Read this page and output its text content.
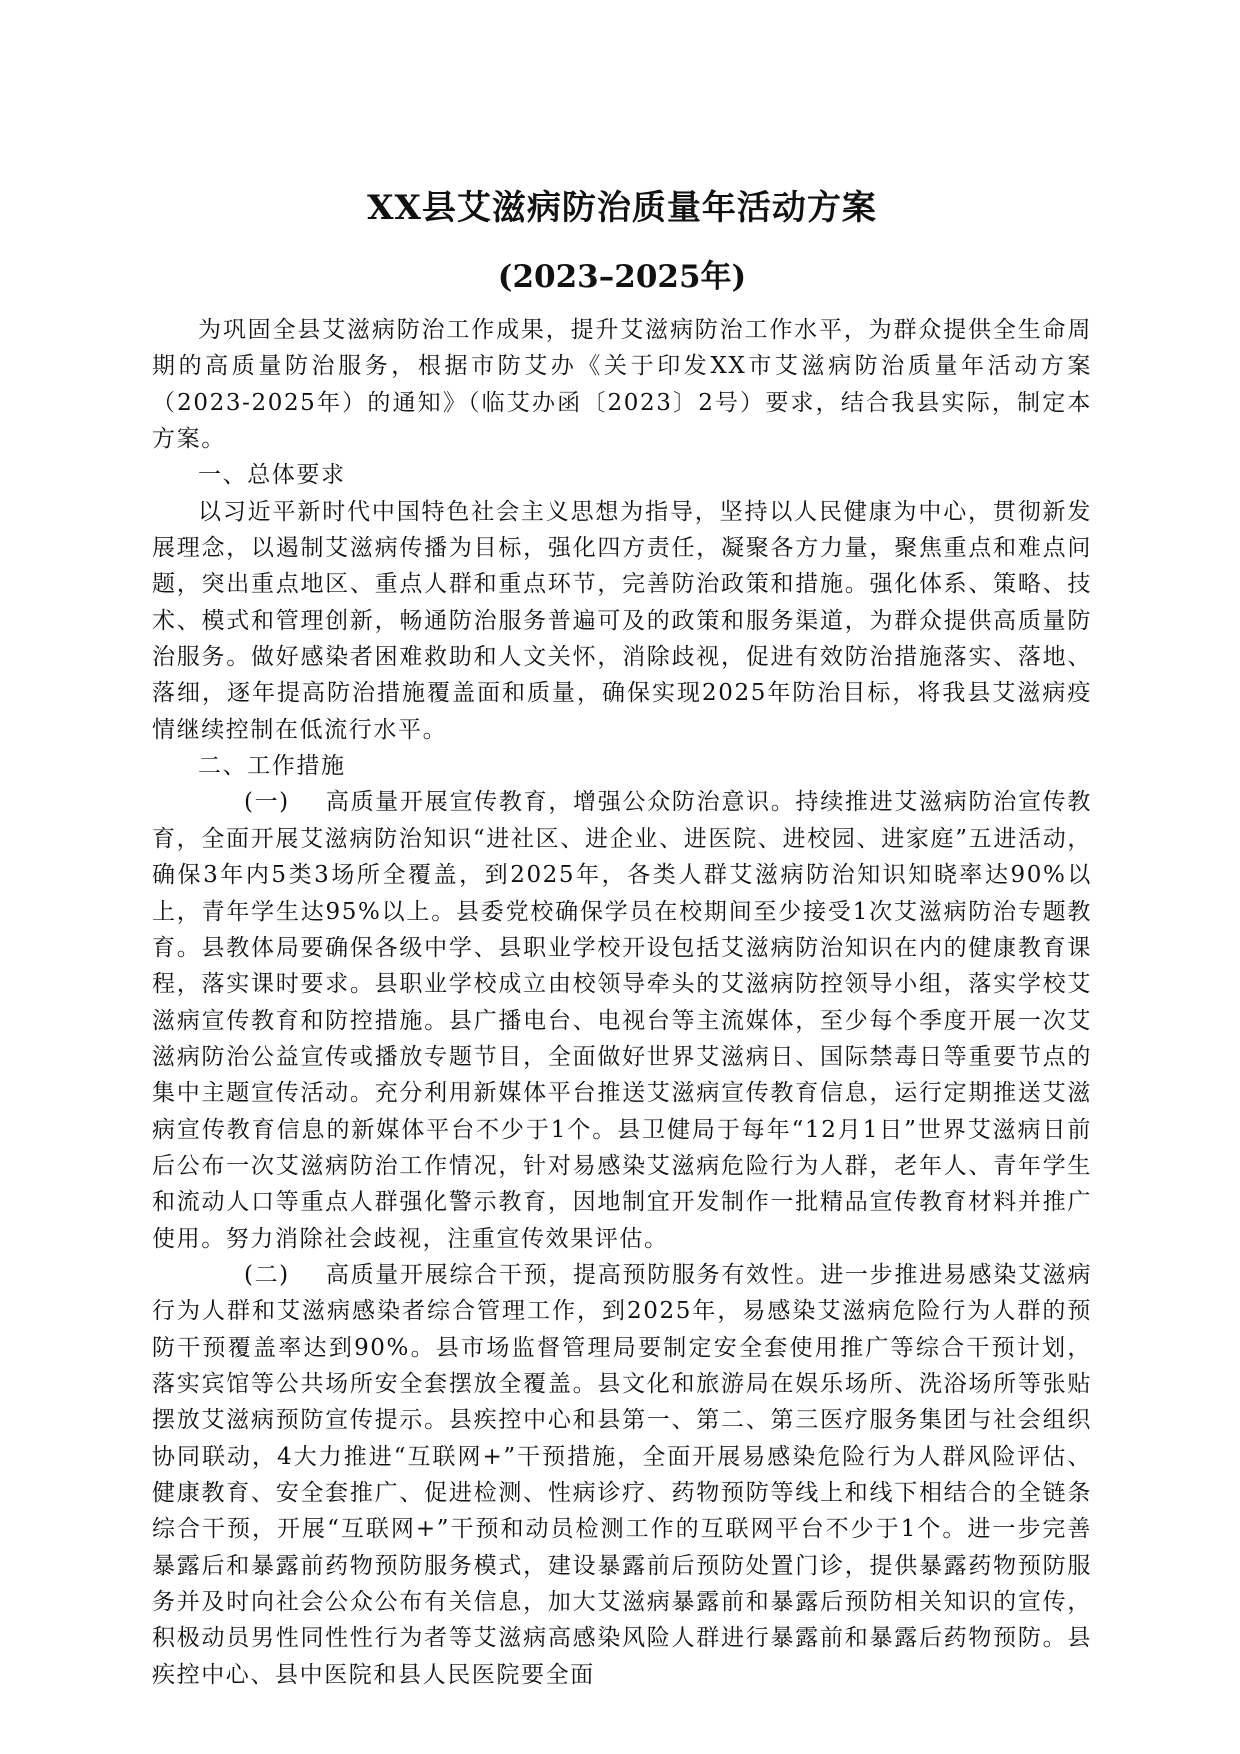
XX县艾滋病防治质量年活动方案
(2023–2025年)

为巩固全县艾滋病防治工作成果，提升艾滋病防治工作水平，为群众提供全生命周期的高质量防治服务，根据市防艾办《关于印发XX市艾滋病防治质量年活动方案（2023-2025年）的通知》（临艾办函〔2023〕2号）要求，结合我县实际，制定本方案。

一、总体要求

以习近平新时代中国特色社会主义思想为指导，坚持以人民健康为中心，贯彻新发展理念，以遏制艾滋病传播为目标，强化四方责任，凝聚各方力量，聚焦重点和难点问题，突出重点地区、重点人群和重点环节，完善防治政策和措施。强化体系、策略、技术、模式和管理创新，畅通防治服务普遍可及的政策和服务渠道，为群众提供高质量防治服务。做好感染者困难救助和人文关怀，消除歧视，促进有效防治措施落实、落地、落细，逐年提高防治措施覆盖面和质量，确保实现2025年防治目标，将我县艾滋病疫情继续控制在低流行水平。

二、工作措施

(一) 高质量开展宣传教育，增强公众防治意识。持续推进艾滋病防治宣传教育，全面开展艾滋病防治知识“进社区、进企业、进医院、进校园、进家庭”五进活动，确保3年内5类3场所全覆盖，到2025年，各类人群艾滋病防治知识知晓率达90%以上，青年学生达95%以上。县委党校确保学员在校期间至少接受1次艾滋病防治专题教育。县教体局要确保各级中学、县职业学校开设包括艾滋病防治知识在内的健康教育课程，落实课时要求。县职业学校成立由校领导牵头的艾滋病防控领导小组，落实学校艾滋病宣传教育和防控措施。县广播电台、电视台等主流媒体，至少每个季度开展一次艾滋病防治公益宣传或播放专题节目，全面做好世界艾滋病日、国际禁毒日等重要节点的集中主题宣传活动。充分利用新媒体平台推送艾滋病宣传教育信息，运行定期推送艾滋病宣传教育信息的新媒体平台不少于1个。县卫健局于每年“12月1日”世界艾滋病日前后公布一次艾滋病防治工作情况，针对易感染艾滋病危险行为人群，老年人、青年学生和流动人口等重点人群强化警示教育，因地制宜开发制作一批精品宣传教育材料并推广使用。努力消除社会歧视，注重宣传效果评估。

(二) 高质量开展综合干预，提高预防服务有效性。进一步推进易感染艾滋病行为人群和艾滋病感染者综合管理工作，到2025年，易感染艾滋病危险行为人群的预防干预覆盖率达到90%。县市场监督管理局要制定安全套使用推广等综合干预计划，落实宾馆等公共场所安全套摆放全覆盖。县文化和旅游局在娱乐场所、洗浴场所等张贴摆放艾滋病预防宣传提示。县疾控中心和县第一、第二、第三医疗服务集团与社会组织协同联动，4大力推进“互联网+”干预措施，全面开展易感染危险行为人群风险评估、健康教育、安全套推广、促进检测、性病诊疗、药物预防等线上和线下相结合的全链条综合干预，开展“互联网+”干预和动员检测工作的互联网平台不少于1个。进一步完善暴露后和暴露前药物预防服务模式，建设暴露前后预防处置门诊，提供暴露药物预防服务并及时向社会公众公布有关信息，加大艾滋病暴露前和暴露后预防相关知识的宣传，积极动员男性同性性行为者等艾滋病高感染风险人群进行暴露前和暴露后药物预防。县疾控中心、县中医院和县人民医院要全面
